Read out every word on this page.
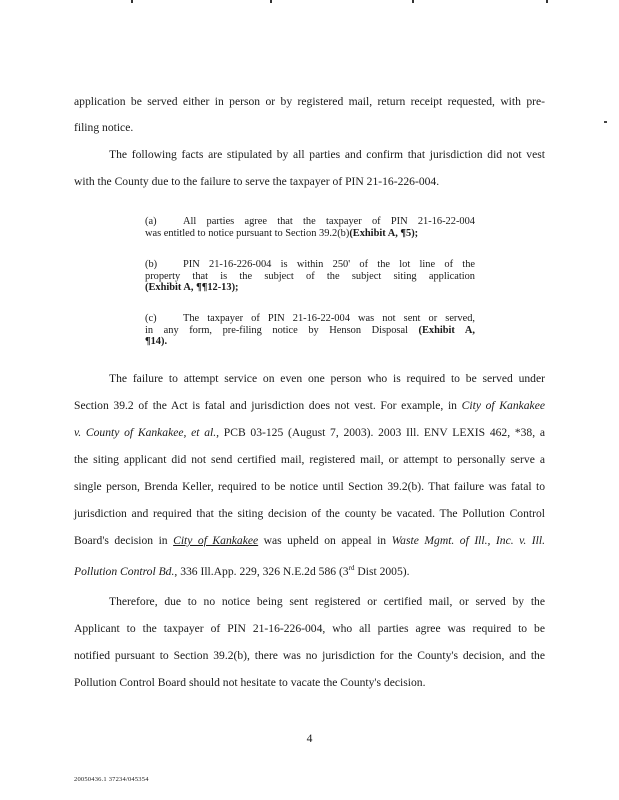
application be served either in person or by registered mail, return receipt requested, with pre-
filing notice.
The following facts are stipulated by all parties and confirm that jurisdiction did not vest
with the County due to the failure to serve the taxpayer of PIN 21-16-226-004.
(a)	All parties agree that the taxpayer of PIN 21-16-22-004
was entitled to notice pursuant to Section 39.2(b)(Exhibit A, ¶5);
(b)	PIN 21-16-226-004 is within 250' of the lot line of the
property that is the subject of the subject siting application
(Exhibit A, ¶¶12-13);
(c)	The taxpayer of PIN 21-16-22-004 was not sent or served,
in any form, pre-filing notice by Henson Disposal (Exhibit A,
¶14).
The failure to attempt service on even one person who is required to be served under
Section 39.2 of the Act is fatal and jurisdiction does not vest. For example, in City of Kankakee
v. County of Kankakee, et al., PCB 03-125 (August 7, 2003). 2003 Ill. ENV LEXIS 462, *38, a
the siting applicant did not send certified mail, registered mail, or attempt to personally serve a
single person, Brenda Keller, required to be notice until Section 39.2(b). That failure was fatal to
jurisdiction and required that the siting decision of the county be vacated. The Pollution Control
Board's decision in City of Kankakee was upheld on appeal in Waste Mgmt. of Ill., Inc. v. Ill.
Pollution Control Bd., 336 Ill.App. 229, 326 N.E.2d 586 (3rd Dist 2005).
Therefore, due to no notice being sent registered or certified mail, or served by the
Applicant to the taxpayer of PIN 21-16-226-004, who all parties agree was required to be
notified pursuant to Section 39.2(b), there was no jurisdiction for the County's decision, and the
Pollution Control Board should not hesitate to vacate the County's decision.
4
20050436.1 37234/045354
